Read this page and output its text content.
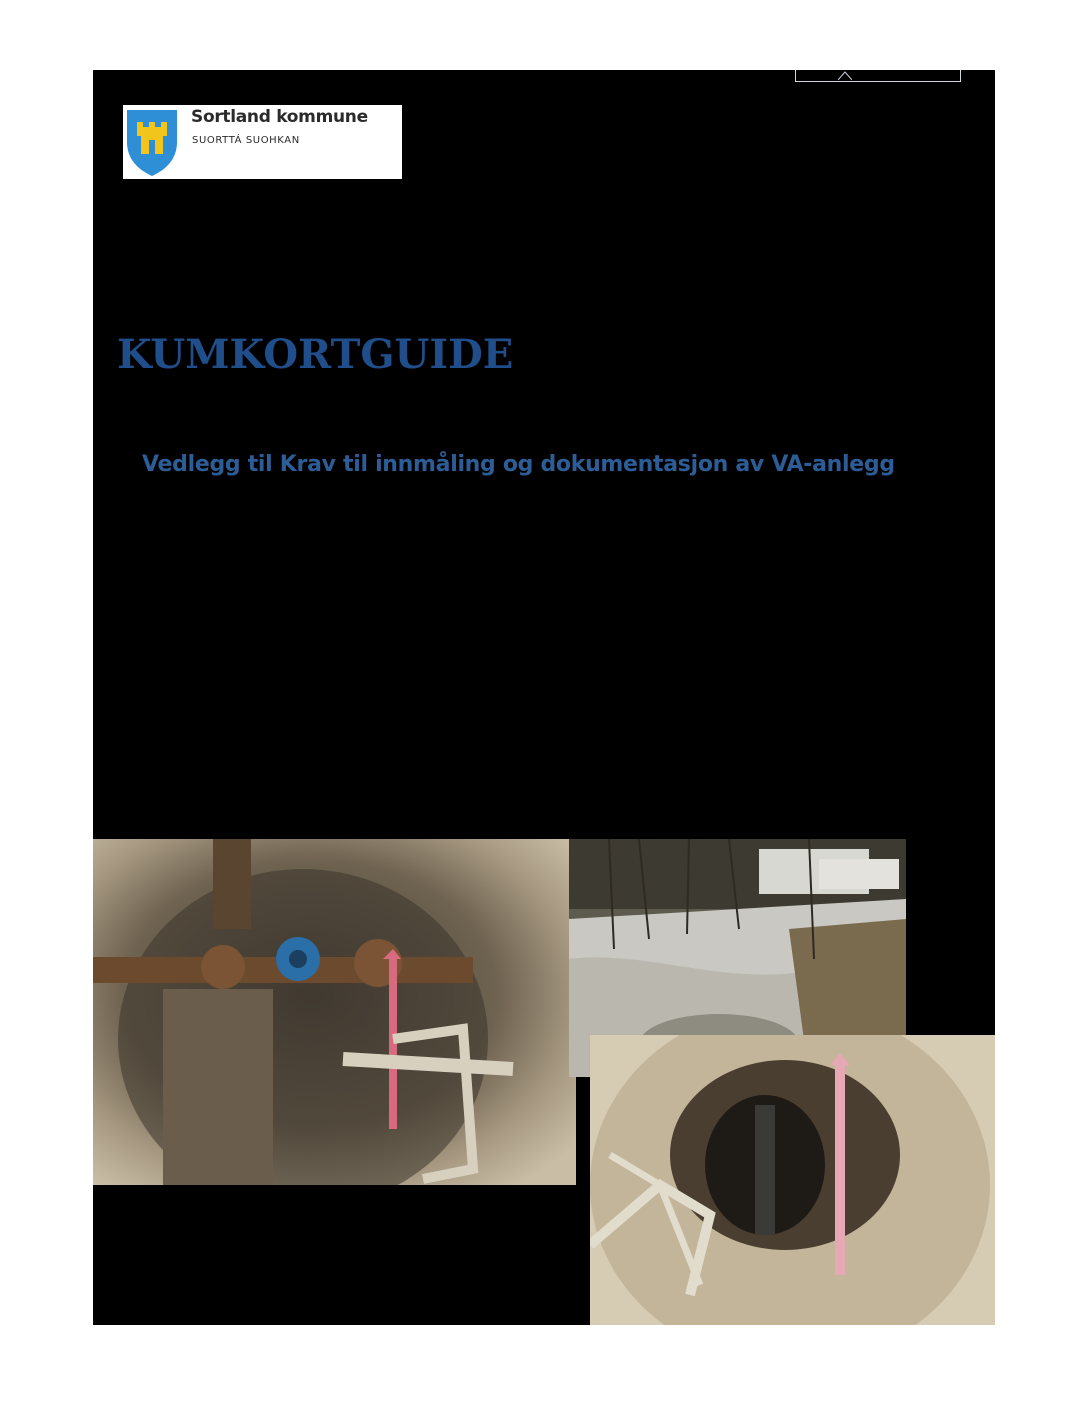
Sortland kommune
SUORTTÁ SUOHKAN
KUMKORTGUIDE
Vedlegg til Krav til innmåling og dokumentasjon av VA-anlegg
